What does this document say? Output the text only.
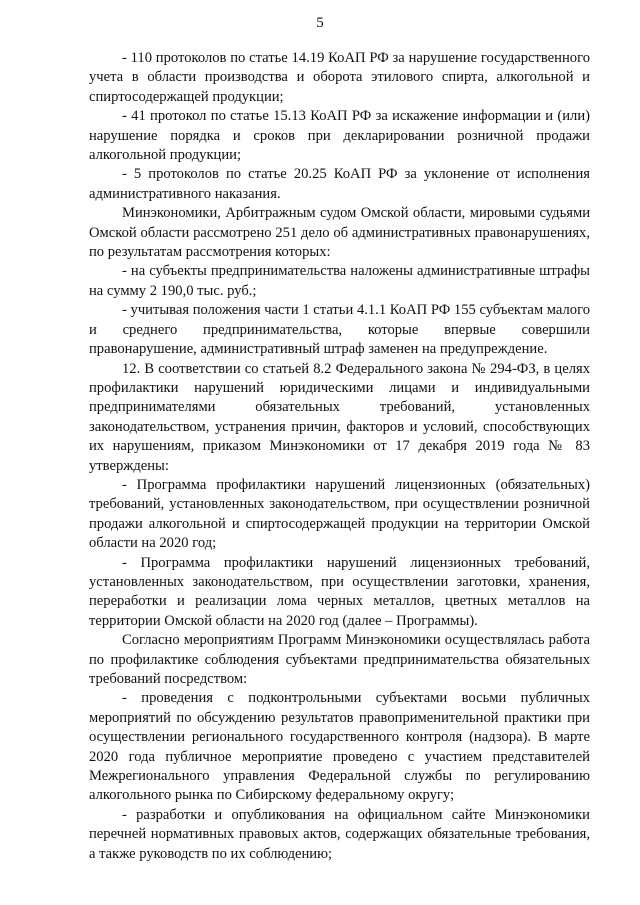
5

- 110 протоколов по статье 14.19 КоАП РФ за нарушение государственного учета в области производства и оборота этилового спирта, алкогольной и спиртосодержащей продукции;

- 41 протокол по статье 15.13 КоАП РФ за искажение информации и (или) нарушение порядка и сроков при декларировании розничной продажи алкогольной продукции;

- 5 протоколов по статье 20.25 КоАП РФ за уклонение от исполнения административного наказания.

Минэкономики, Арбитражным судом Омской области, мировыми судьями Омской области рассмотрено 251 дело об административных правонарушениях, по результатам рассмотрения которых:

- на субъекты предпринимательства наложены административные штрафы на сумму 2 190,0 тыс. руб.;

- учитывая положения части 1 статьи 4.1.1 КоАП РФ 155 субъектам малого и среднего предпринимательства, которые впервые совершили правонарушение, административный штраф заменен на предупреждение.

12. В соответствии со статьей 8.2 Федерального закона № 294-ФЗ, в целях профилактики нарушений юридическими лицами и индивидуальными предпринимателями обязательных требований, установленных законодательством, устранения причин, факторов и условий, способствующих их нарушениям, приказом Минэкономики от 17 декабря 2019 года № 83 утверждены:

- Программа профилактики нарушений лицензионных (обязательных) требований, установленных законодательством, при осуществлении розничной продажи алкогольной и спиртосодержащей продукции на территории Омской области на 2020 год;

- Программа профилактики нарушений лицензионных требований, установленных законодательством, при осуществлении заготовки, хранения, переработки и реализации лома черных металлов, цветных металлов на территории Омской области на 2020 год (далее – Программы).

Согласно мероприятиям Программ Минэкономики осуществлялась работа по профилактике соблюдения субъектами предпринимательства обязательных требований посредством:

- проведения с подконтрольными субъектами восьми публичных мероприятий по обсуждению результатов правоприменительной практики при осуществлении регионального государственного контроля (надзора). В марте 2020 года публичное мероприятие проведено с участием представителей Межрегионального управления Федеральной службы по регулированию алкогольного рынка по Сибирскому федеральному округу;

- разработки и опубликования на официальном сайте Минэкономики перечней нормативных правовых актов, содержащих обязательные требования, а также руководств по их соблюдению;
